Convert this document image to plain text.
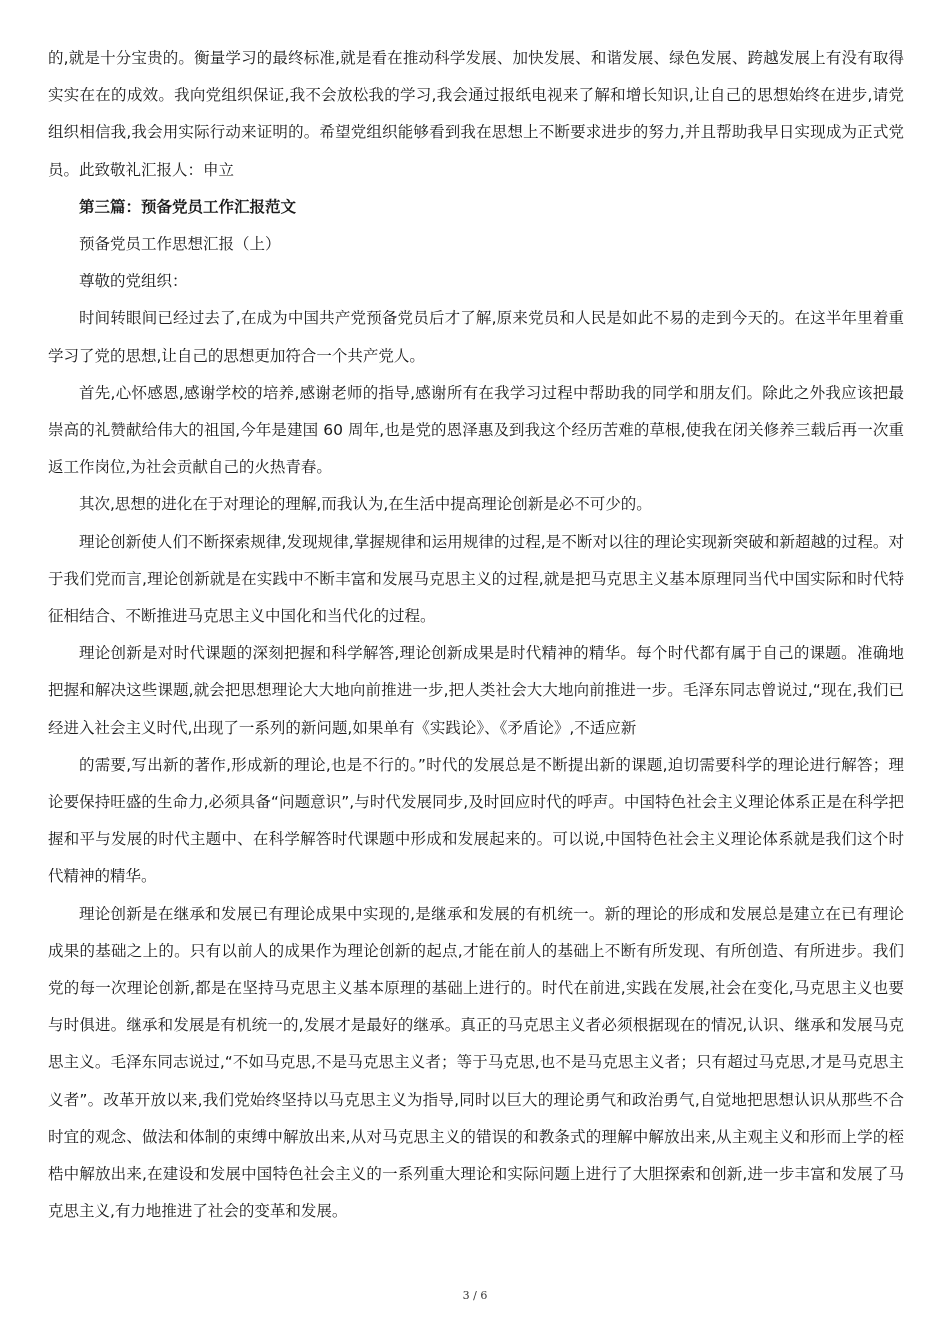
的,就是十分宝贵的。衡量学习的最终标准,就是看在推动科学发展、加快发展、和谐发展、绿色发展、跨越发展上有没有取得实实在在的成效。我向党组织保证,我不会放松我的学习,我会通过报纸电视来了解和增长知识,让自己的思想始终在进步,请党组织相信我,我会用实际行动来证明的。希望党组织能够看到我在思想上不断要求进步的努力,并且帮助我早日实现成为正式党员。此致敬礼汇报人：申立

第三篇：预备党员工作汇报范文

预备党员工作思想汇报（上）

尊敬的党组织：

时间转眼间已经过去了,在成为中国共产党预备党员后才了解,原来党员和人民是如此不易的走到今天的。在这半年里着重学习了党的思想,让自己的思想更加符合一个共产党人。

首先,心怀感恩,感谢学校的培养,感谢老师的指导,感谢所有在我学习过程中帮助我的同学和朋友们。除此之外我应该把最崇高的礼赞献给伟大的祖国,今年是建国 60 周年,也是党的恩泽惠及到我这个经历苦难的草根,使我在闭关修养三载后再一次重返工作岗位,为社会贡献自己的火热青春。

其次,思想的进化在于对理论的理解,而我认为,在生活中提高理论创新是必不可少的。

理论创新使人们不断探索规律,发现规律,掌握规律和运用规律的过程,是不断对以往的理论实现新突破和新超越的过程。对于我们党而言,理论创新就是在实践中不断丰富和发展马克思主义的过程,就是把马克思主义基本原理同当代中国实际和时代特征相结合、不断推进马克思主义中国化和当代化的过程。

理论创新是对时代课题的深刻把握和科学解答,理论创新成果是时代精神的精华。每个时代都有属于自己的课题。准确地把握和解决这些课题,就会把思想理论大大地向前推进一步,把人类社会大大地向前推进一步。毛泽东同志曾说过,“现在,我们已经进入社会主义时代,出现了一系列的新问题,如果单有《实践论》、《矛盾论》,不适应新

的需要,写出新的著作,形成新的理论,也是不行的。”时代的发展总是不断提出新的课题,迫切需要科学的理论进行解答；理论要保持旺盛的生命力,必须具备“问题意识”,与时代发展同步,及时回应时代的呼声。中国特色社会主义理论体系正是在科学把握和平与发展的时代主题中、在科学解答时代课题中形成和发展起来的。可以说,中国特色社会主义理论体系就是我们这个时代精神的精华。

理论创新是在继承和发展已有理论成果中实现的,是继承和发展的有机统一。新的理论的形成和发展总是建立在已有理论成果的基础之上的。只有以前人的成果作为理论创新的起点,才能在前人的基础上不断有所发现、有所创造、有所进步。我们党的每一次理论创新,都是在坚持马克思主义基本原理的基础上进行的。时代在前进,实践在发展,社会在变化,马克思主义也要与时俱进。继承和发展是有机统一的,发展才是最好的继承。真正的马克思主义者必须根据现在的情况,认识、继承和发展马克思主义。毛泽东同志说过,“不如马克思,不是马克思主义者；等于马克思,也不是马克思主义者；只有超过马克思,才是马克思主义者”。改革开放以来,我们党始终坚持以马克思主义为指导,同时以巨大的理论勇气和政治勇气,自觉地把思想认识从那些不合时宜的观念、做法和体制的束缚中解放出来,从对马克思主义的错误的和教条式的理解中解放出来,从主观主义和形而上学的桎梏中解放出来,在建设和发展中国特色社会主义的一系列重大理论和实际问题上进行了大胆探索和创新,进一步丰富和发展了马克思主义,有力地推进了社会的变革和发展。

3 / 6
